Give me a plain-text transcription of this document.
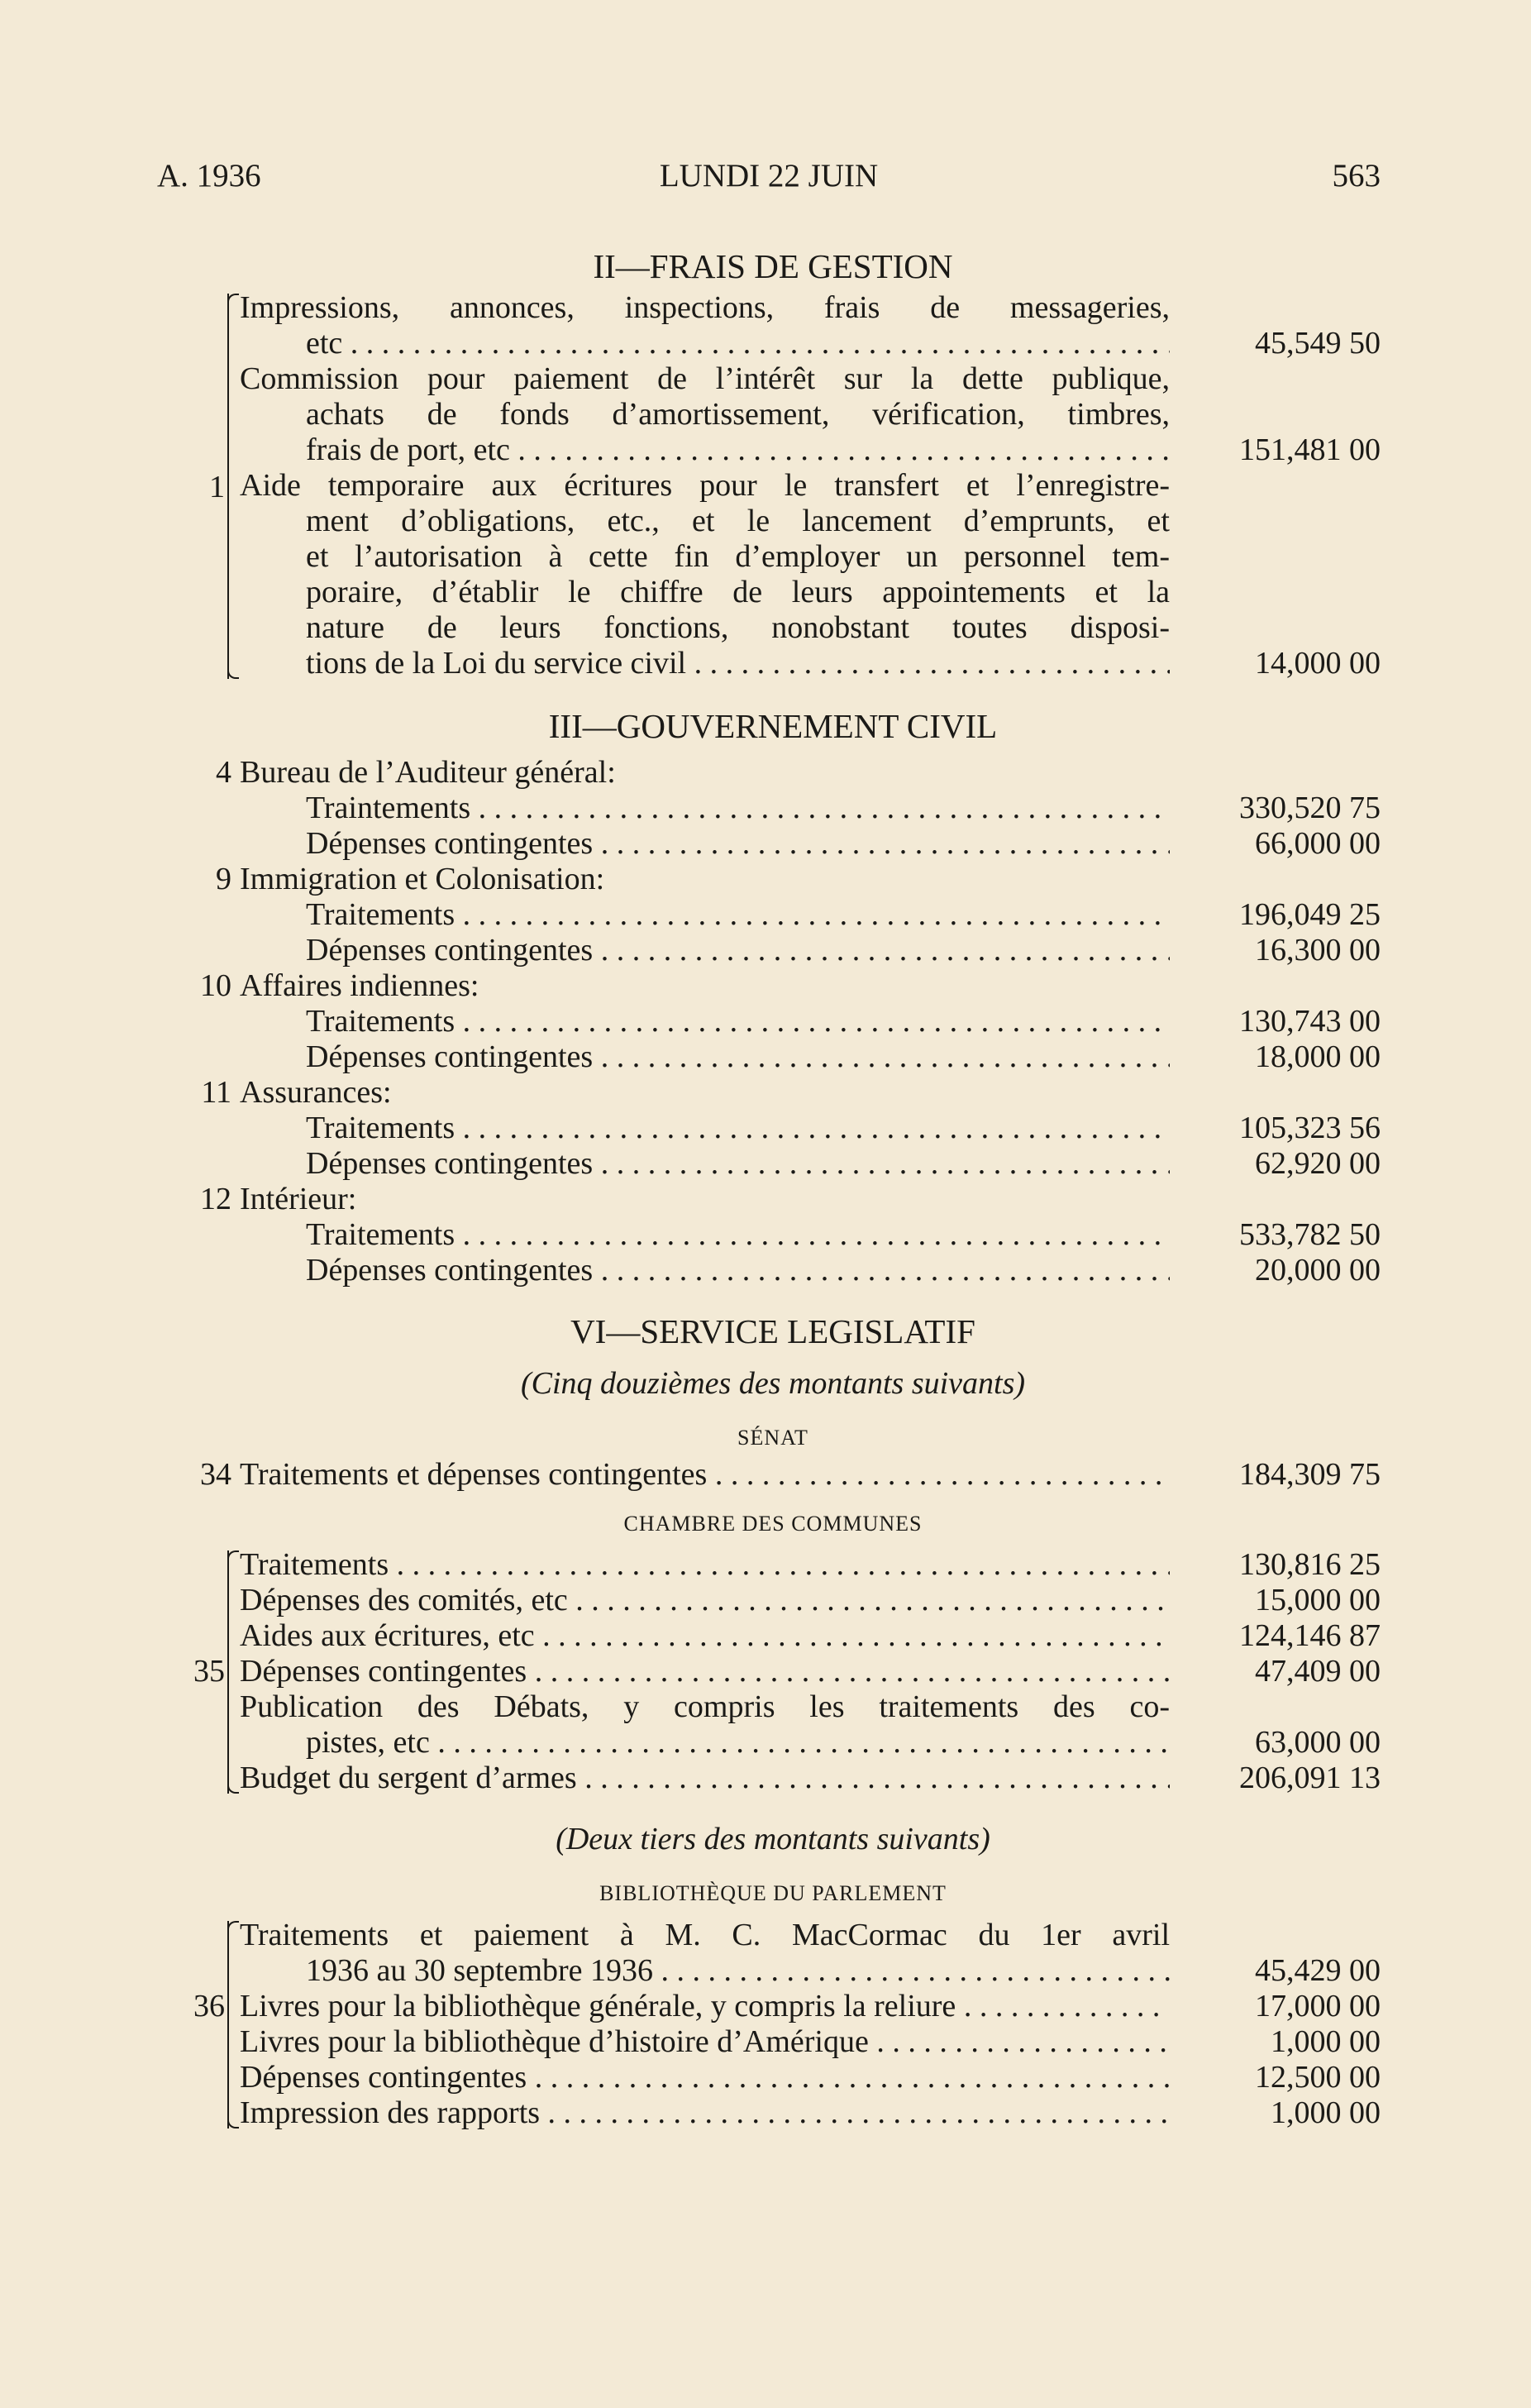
A. 1936	LUNDI 22 JUIN	563
II—FRAIS DE GESTION
1
Impressions, annonces, inspections, frais de messageries,
etc . . .	45,549 50
Commission pour paiement de l’intérêt sur la dette publique,
achats de fonds d’amortissement, vérification, timbres,
frais de port, etc . . .	151,481 00
Aide temporaire aux écritures pour le transfert et l’enregistre-
ment d’obligations, etc., et le lancement d’emprunts, et
et l’autorisation à cette fin d’employer un personnel tem-
poraire, d’établir le chiffre de leurs appointements et la
nature de leurs fonctions, nonobstant toutes disposi-
tions de la Loi du service civil . . .	14,000 00
III—GOUVERNEMENT CIVIL
4 Bureau de l’Auditeur général:
Traintements . . .	330,520 75
Dépenses contingentes . . .	66,000 00
9 Immigration et Colonisation:
Traitements . . .	196,049 25
Dépenses contingentes . . .	16,300 00
10 Affaires indiennes:
Traitements . . .	130,743 00
Dépenses contingentes . . .	18,000 00
11 Assurances:
Traitements . . .	105,323 56
Dépenses contingentes . . .	62,920 00
12 Intérieur:
Traitements . . .	533,782 50
Dépenses contingentes . . .	20,000 00
VI—SERVICE LEGISLATIF
(Cinq douzièmes des montants suivants)
SÉNAT
34 Traitements et dépenses contingentes . . .	184,309 75
CHAMBRE DES COMMUNES
35
Traitements . . .	130,816 25
Dépenses des comités, etc . . .	15,000 00
Aides aux écritures, etc . . .	124,146 87
Dépenses contingentes . . .	47,409 00
Publication des Débats, y compris les traitements des co-
pistes, etc . . .	63,000 00
Budget du sergent d’armes . . .	206,091 13
(Deux tiers des montants suivants)
BIBLIOTHÈQUE DU PARLEMENT
36
Traitements et paiement à M. C. MacCormac du 1er avril
1936 au 30 septembre 1936 . . .	45,429 00
Livres pour la bibliothèque générale, y compris la reliure . . .	17,000 00
Livres pour la bibliothèque d’histoire d’Amérique . . .	1,000 00
Dépenses contingentes . . .	12,500 00
Impression des rapports . . .	1,000 00
